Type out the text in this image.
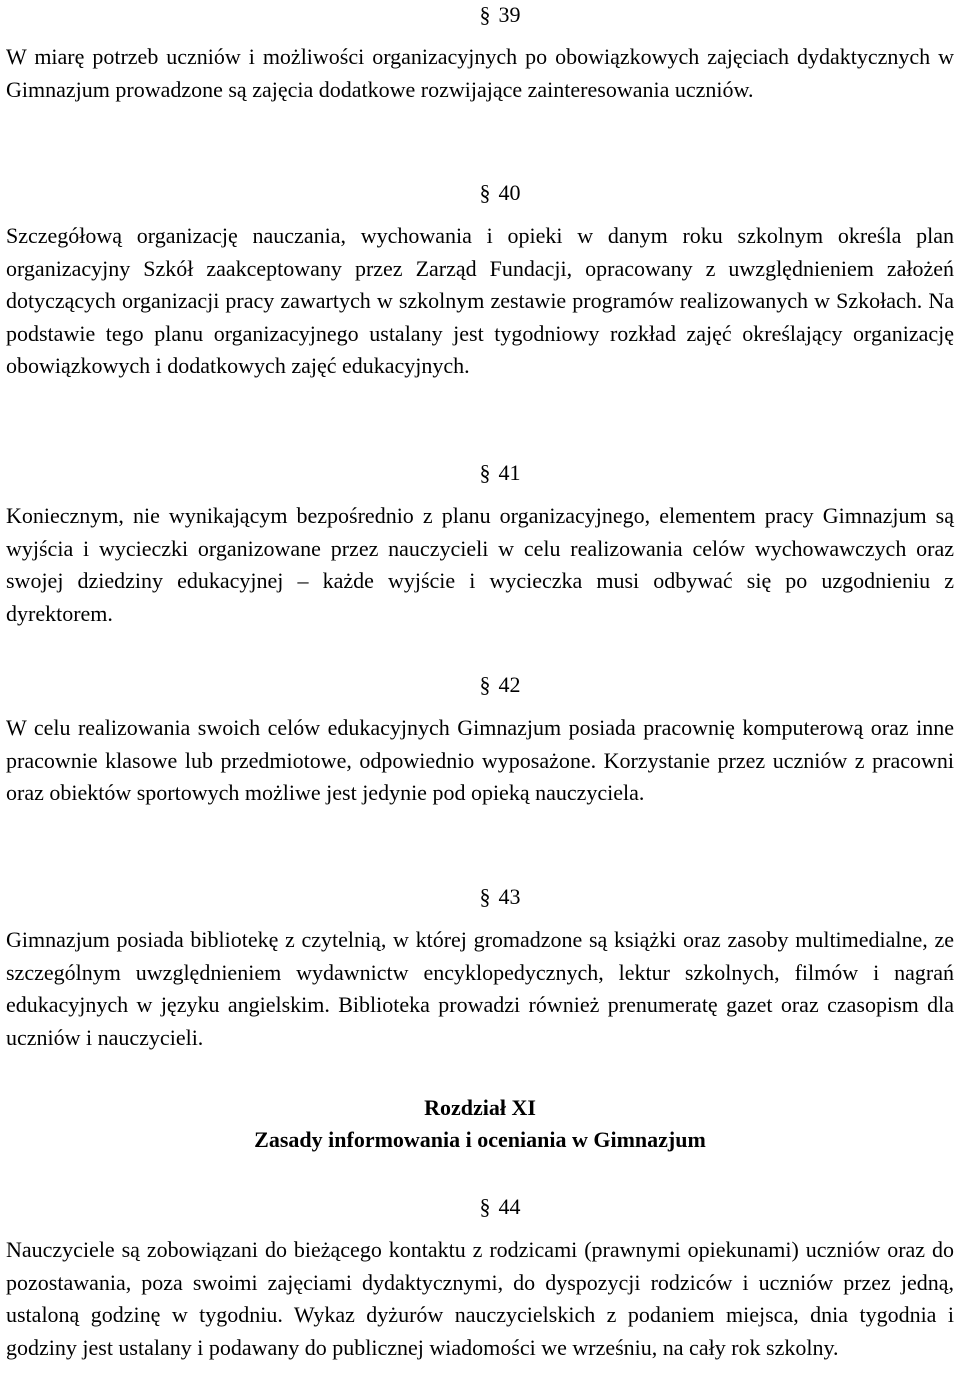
§ 39

W miarę potrzeb uczniów i możliwości organizacyjnych po obowiązkowych zajęciach dydaktycznych w Gimnazjum prowadzone są zajęcia dodatkowe rozwijające zainteresowania uczniów.

§ 40

Szczegółową organizację nauczania, wychowania i opieki w danym roku szkolnym określa plan organizacyjny Szkół zaakceptowany przez Zarząd Fundacji, opracowany z uwzględnieniem założeń dotyczących organizacji pracy zawartych w szkolnym zestawie programów realizowanych w Szkołach. Na podstawie tego planu organizacyjnego ustalany jest tygodniowy rozkład zajęć określający organizację obowiązkowych i dodatkowych zajęć edukacyjnych.

§ 41

Koniecznym, nie wynikającym bezpośrednio z planu organizacyjnego, elementem pracy Gimnazjum są wyjścia i wycieczki organizowane przez nauczycieli w celu realizowania celów wychowawczych oraz swojej dziedziny edukacyjnej – każde wyjście i wycieczka musi odbywać się po uzgodnieniu z dyrektorem.

§ 42

W celu realizowania swoich celów edukacyjnych Gimnazjum posiada pracownię komputerową oraz inne pracownie klasowe lub przedmiotowe, odpowiednio wyposażone. Korzystanie przez uczniów z pracowni oraz obiektów sportowych możliwe jest jedynie pod opieką nauczyciela.

§ 43

Gimnazjum posiada bibliotekę z czytelnią, w której gromadzone są książki oraz zasoby multimedialne, ze szczególnym uwzględnieniem wydawnictw encyklopedycznych, lektur szkolnych, filmów i nagrań edukacyjnych w języku angielskim. Biblioteka prowadzi również prenumeratę gazet oraz czasopism dla uczniów i nauczycieli.

Rozdział XI
Zasady informowania i oceniania w Gimnazjum
§ 44

Nauczyciele są zobowiązani do bieżącego kontaktu z rodzicami (prawnymi opiekunami) uczniów oraz do pozostawania, poza swoimi zajęciami dydaktycznymi, do dyspozycji rodziców i uczniów przez jedną, ustaloną godzinę w tygodniu. Wykaz dyżurów nauczycielskich z podaniem miejsca, dnia tygodnia i godziny jest ustalany i podawany do publicznej wiadomości we wrześniu, na cały rok szkolny.
